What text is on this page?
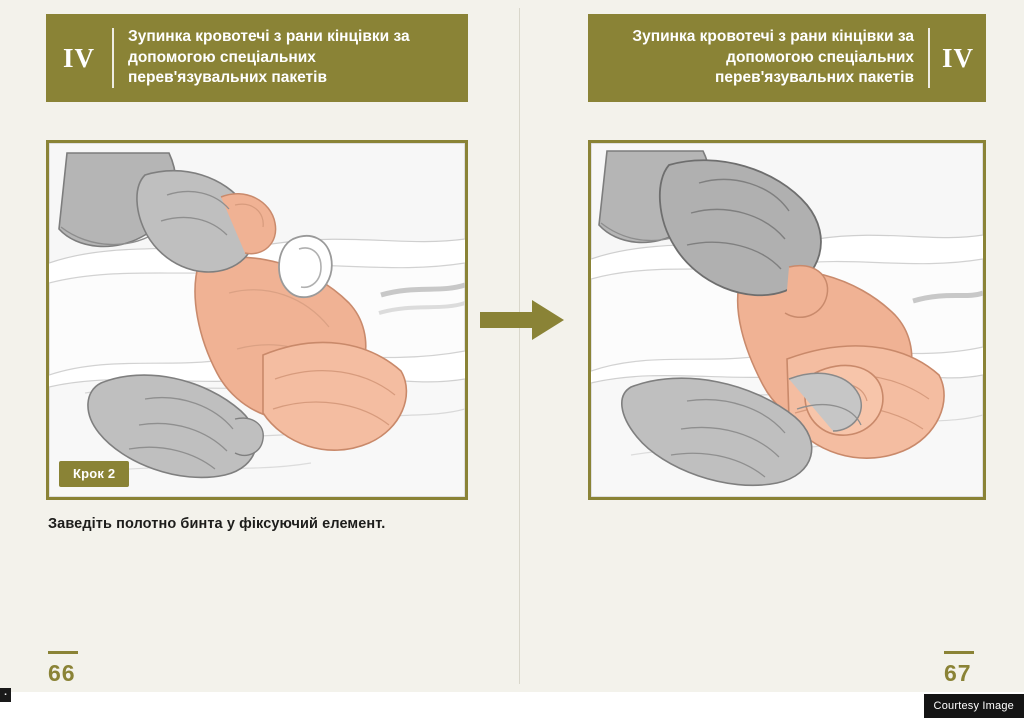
IV
Зупинка кровотечі з рани кінцівки за допомогою спеціальних перев'язувальних пакетів
Крок 2
Заведіть полотно бинта у фіксуючий елемент.
66
Зупинка кровотечі з рани кінцівки за допомогою спеціальних перев'язувальних пакетів
IV
67
▪
Courtesy Image
